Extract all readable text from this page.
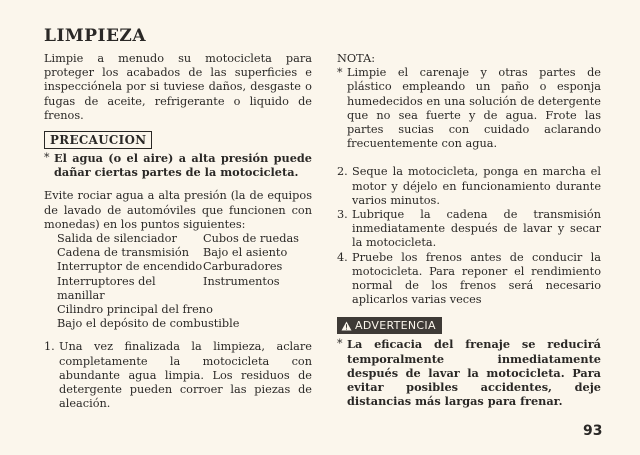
LIMPIEZA

Limpie a menudo su motocicleta para proteger los acabados de las superficies e inspecciónela por si tuviese daños, desgaste o fugas de aceite, refrigerante o liquido de frenos.

PRECAUCION
* El agua (o el aire) a alta presión puede dañar ciertas partes de la motocicleta.

Evite rociar agua a alta presión (la de equipos de lavado de automóviles que funcionen con monedas) en los puntos siguientes:

Salida de silenciador	Cubos de ruedas
Cadena de transmisión	Bajo el asiento
Interruptor de encendido Carburadores
Interruptores del manillar
Instrumentos
Cilindro principal del freno
Bajo el depósito de combustible
1. Una vez finalizada la limpieza, aclare completamente la motocicleta con abundante agua limpia. Los residuos de detergente pueden corroer las piezas de aleación.

NOTA:
* Limpie el carenaje y otras partes de plástico empleando un paño o esponja humedecidos en una solución de detergente que no sea fuerte y de agua. Frote las partes sucias con cuidado aclarando frecuentemente con agua.

2. Seque la motocicleta, ponga en marcha el motor y déjelo en funcionamiento durante varios minutos.

3. Lubrique la cadena de transmisión inmediatamente después de lavar y secar la motocicleta.

4. Pruebe los frenos antes de conducir la motocicleta. Para reponer el rendimiento normal de los frenos será necesario aplicarlos varias veces

ADVERTENCIA
* La eficacia del frenaje se reducirá temporalmente inmediatamente después de lavar la motocicleta. Para evitar posibles accidentes, deje distancias más largas para frenar.

93
